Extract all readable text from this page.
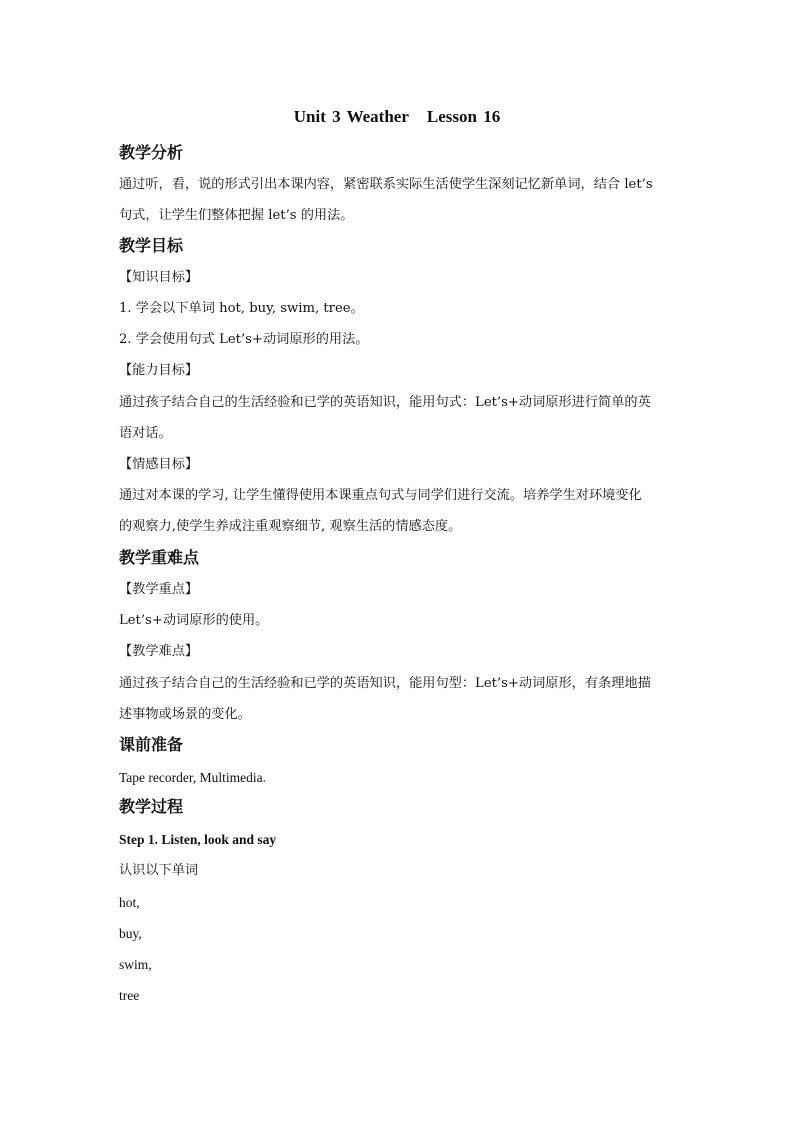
Unit 3 Weather Lesson 16
教学分析
通过听，看，说的形式引出本课内容，紧密联系实际生活使学生深刻记忆新单词，结合 let’s
句式，让学生们整体把握 let’s 的用法。
教学目标
【知识目标】
1. 学会以下单词 hot, buy, swim, tree。
2. 学会使用句式 Let’s+动词原形的用法。
【能力目标】
通过孩子结合自己的生活经验和已学的英语知识，能用句式：Let’s+动词原形进行简单的英
语对话。
【情感目标】
通过对本课的学习, 让学生懂得使用本课重点句式与同学们进行交流。培养学生对环境变化
的观察力,使学生养成注重观察细节, 观察生活的情感态度。
教学重难点
【教学重点】
Let’s+动词原形的使用。
【教学难点】
通过孩子结合自己的生活经验和已学的英语知识，能用句型：Let’s+动词原形，有条理地描
述事物或场景的变化。
课前准备
Tape recorder, Multimedia.
教学过程
Step 1. Listen, look and say
认识以下单词
hot,
buy,
swim,
tree
